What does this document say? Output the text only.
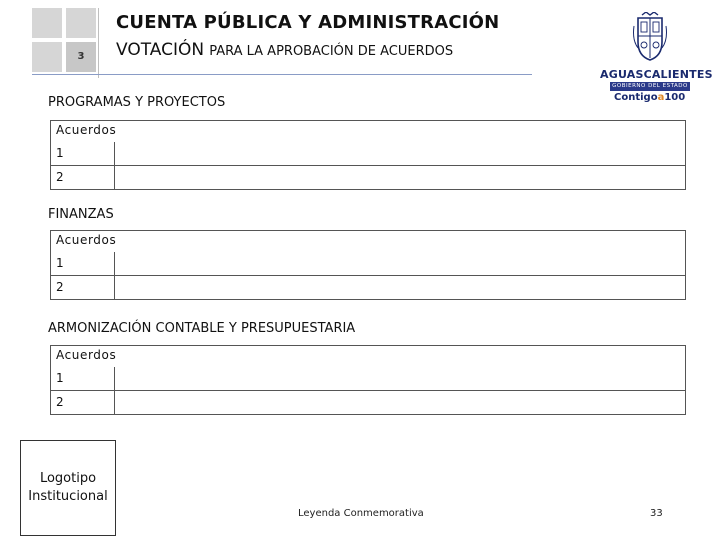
3
CUENTA PÚBLICA Y ADMINISTRACIÓN
VOTACIÓN PARA LA APROBACIÓN DE ACUERDOS
AGUASCALIENTES
GOBIERNO DEL ESTADO
Contigoa100
PROGRAMAS Y PROYECTOS
Acuerdos
1
2
FINANZAS
Acuerdos
1
2
ARMONIZACIÓN CONTABLE Y PRESUPUESTARIA
Acuerdos
1
2
Logotipo
Institucional
Leyenda Conmemorativa	33
